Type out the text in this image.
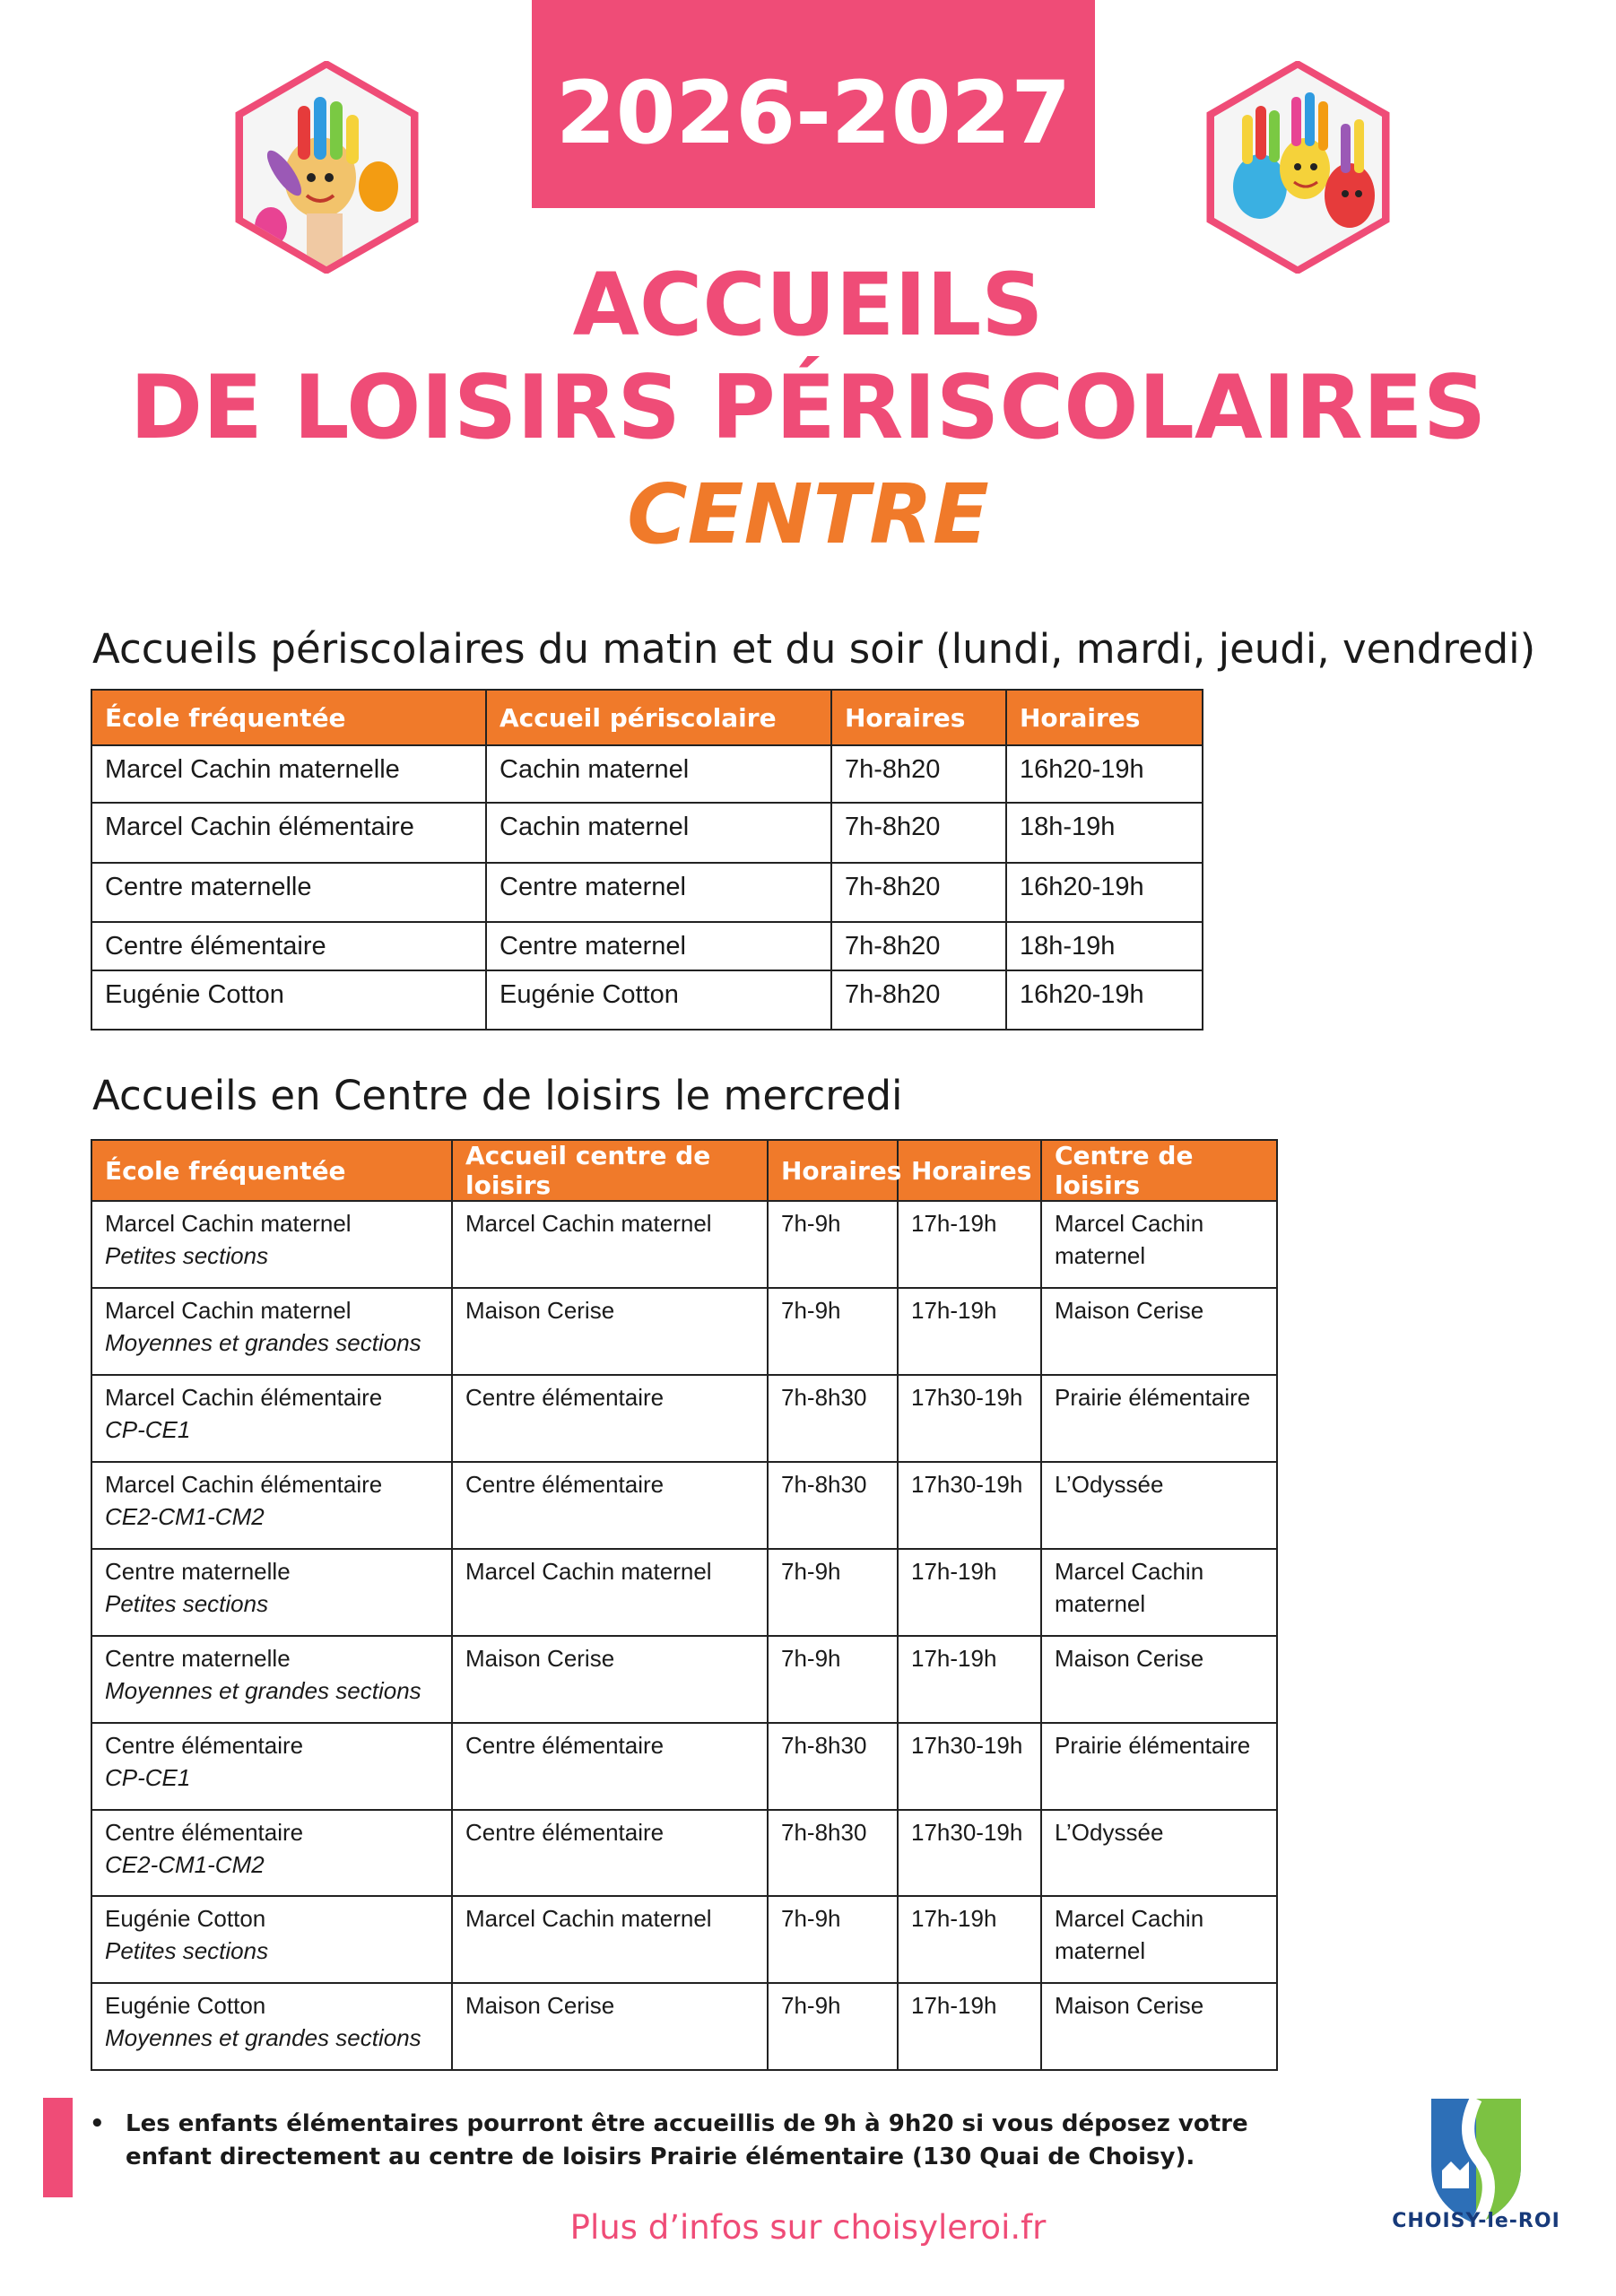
2026-2027
ACCUEILS
DE LOISIRS PÉRISCOLAIRES
CENTRE
Accueils périscolaires du matin et du soir (lundi, mardi, jeudi, vendredi)
École fréquentée	Accueil périscolaire	Horaires	Horaires
Marcel Cachin maternelle	Cachin maternel	7h-8h20	16h20-19h
Marcel Cachin élémentaire	Cachin maternel	7h-8h20	18h-19h
Centre maternelle	Centre maternel	7h-8h20	16h20-19h
Centre élémentaire	Centre maternel	7h-8h20	18h-19h
Eugénie Cotton	Eugénie Cotton	7h-8h20	16h20-19h
Accueils en Centre de loisirs le mercredi
École fréquentée	Accueil centre de loisirs	Horaires	Horaires	Centre de loisirs
Marcel Cachin maternel
Petites sections	Marcel Cachin maternel	7h-9h	17h-19h	Marcel Cachin maternel
Marcel Cachin maternel
Moyennes et grandes sections	Maison Cerise	7h-9h	17h-19h	Maison Cerise
Marcel Cachin élémentaire
CP-CE1	Centre élémentaire	7h-8h30	17h30-19h	Prairie élémentaire
Marcel Cachin élémentaire
CE2-CM1-CM2	Centre élémentaire	7h-8h30	17h30-19h	L’Odyssée
Centre maternelle
Petites sections	Marcel Cachin maternel	7h-9h	17h-19h	Marcel Cachin maternel
Centre maternelle
Moyennes et grandes sections	Maison Cerise	7h-9h	17h-19h	Maison Cerise
Centre élémentaire
CP-CE1	Centre élémentaire	7h-8h30	17h30-19h	Prairie élémentaire
Centre élémentaire
CE2-CM1-CM2	Centre élémentaire	7h-8h30	17h30-19h	L’Odyssée
Eugénie Cotton
Petites sections	Marcel Cachin maternel	7h-9h	17h-19h	Marcel Cachin maternel
Eugénie Cotton
Moyennes et grandes sections	Maison Cerise	7h-9h	17h-19h	Maison Cerise
• Les enfants élémentaires pourront être accueillis de 9h à 9h20 si vous déposez votre enfant directement au centre de loisirs Prairie élémentaire (130 Quai de Choisy).
Plus d’infos sur choisyleroi.fr	CHOISY-le-ROI
